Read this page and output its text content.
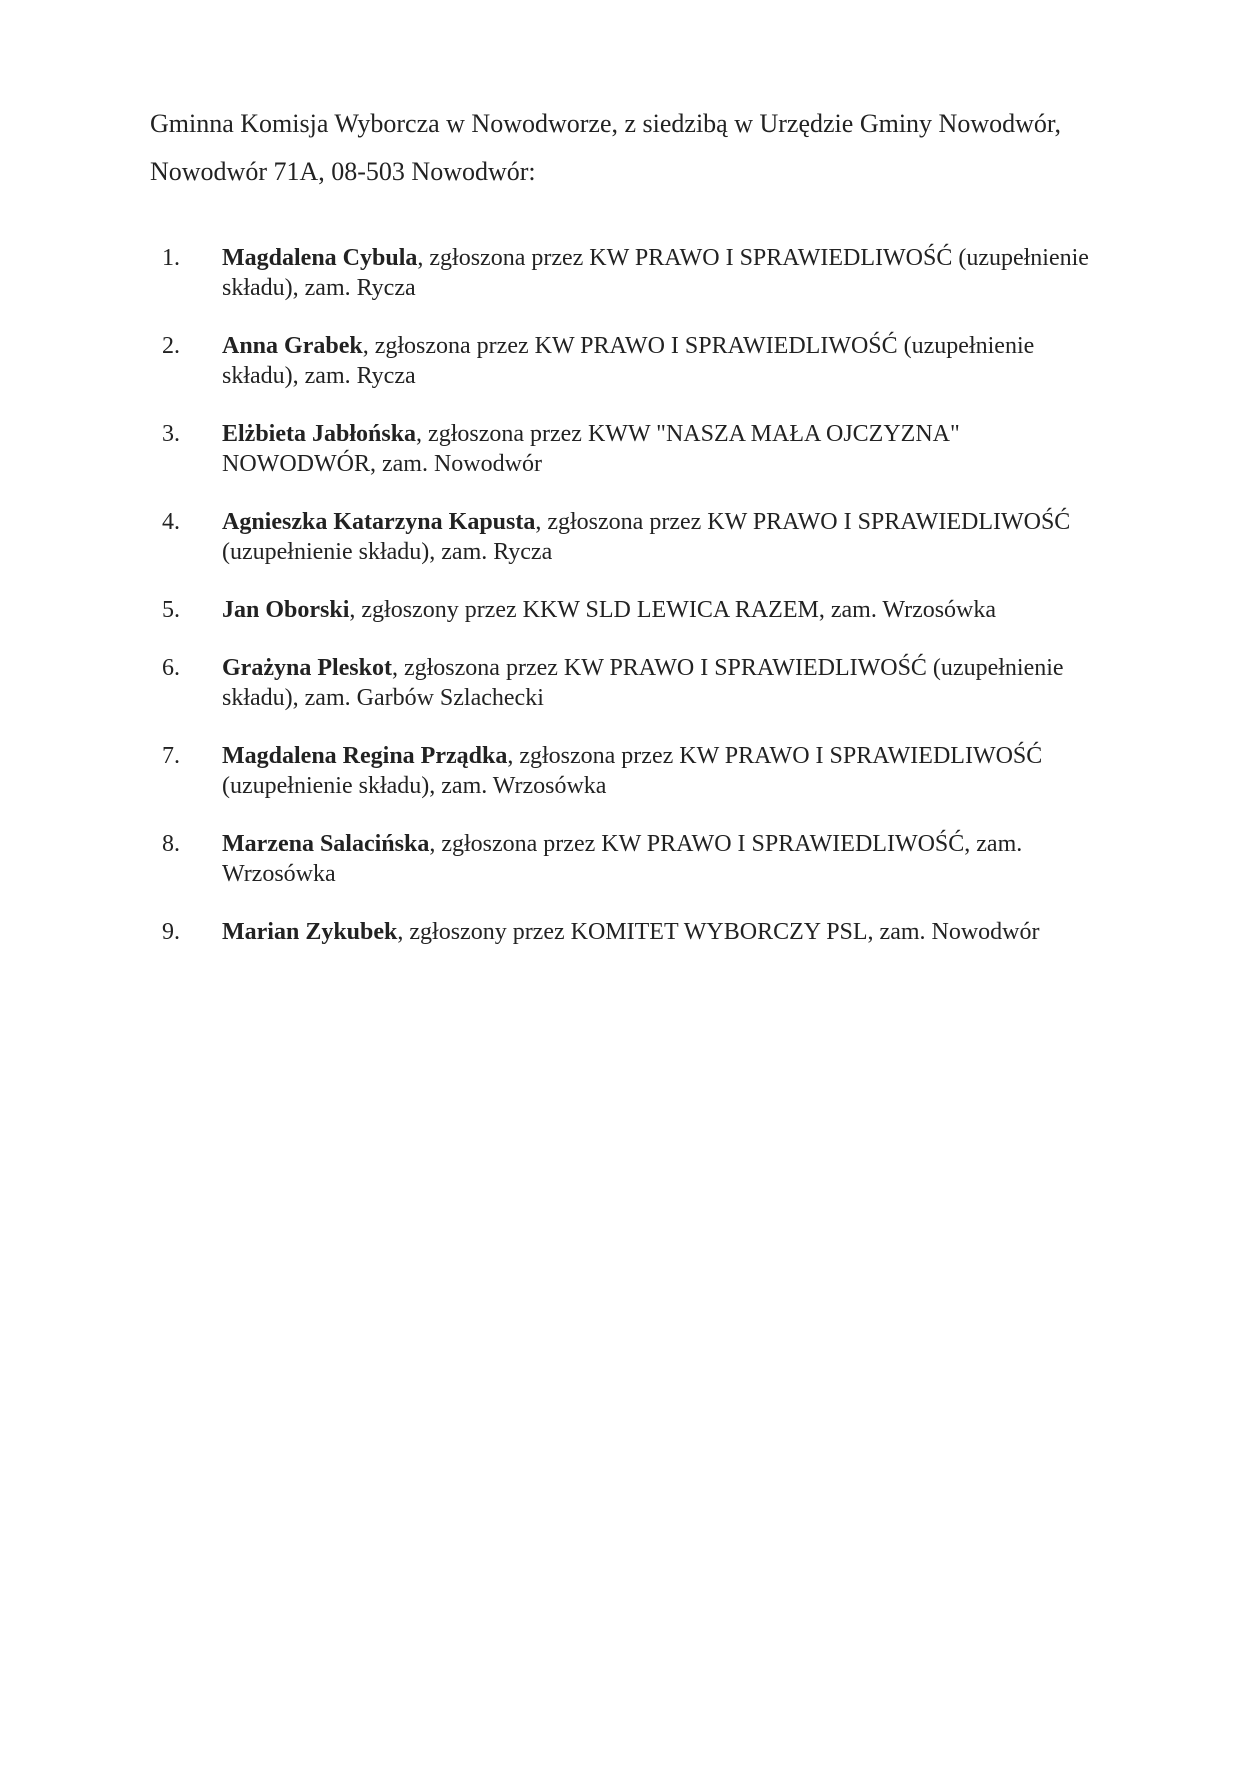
Gminna Komisja Wyborcza w Nowodworze, z siedzibą w Urzędzie Gminy Nowodwór,

Nowodwór 71A, 08-503 Nowodwór:

1.	Magdalena Cybula, zgłoszona przez KW PRAWO I SPRAWIEDLIWOŚĆ (uzupełnienie składu), zam. Rycza
2.	Anna Grabek, zgłoszona przez KW PRAWO I SPRAWIEDLIWOŚĆ (uzupełnienie składu), zam. Rycza
3.	Elżbieta Jabłońska, zgłoszona przez KWW "NASZA MAŁA OJCZYZNA" NOWODWÓR, zam. Nowodwór
4.	Agnieszka Katarzyna Kapusta, zgłoszona przez KW PRAWO I SPRAWIEDLIWOŚĆ (uzupełnienie składu), zam. Rycza
5.	Jan Oborski, zgłoszony przez KKW SLD LEWICA RAZEM, zam. Wrzosówka
6.	Grażyna Pleskot, zgłoszona przez KW PRAWO I SPRAWIEDLIWOŚĆ (uzupełnienie składu), zam. Garbów Szlachecki
7.	Magdalena Regina Prządka, zgłoszona przez KW PRAWO I SPRAWIEDLIWOŚĆ (uzupełnienie składu), zam. Wrzosówka
8.	Marzena Salacińska, zgłoszona przez KW PRAWO I SPRAWIEDLIWOŚĆ, zam. Wrzosówka
9.	Marian Zykubek, zgłoszony przez KOMITET WYBORCZY PSL, zam. Nowodwór
